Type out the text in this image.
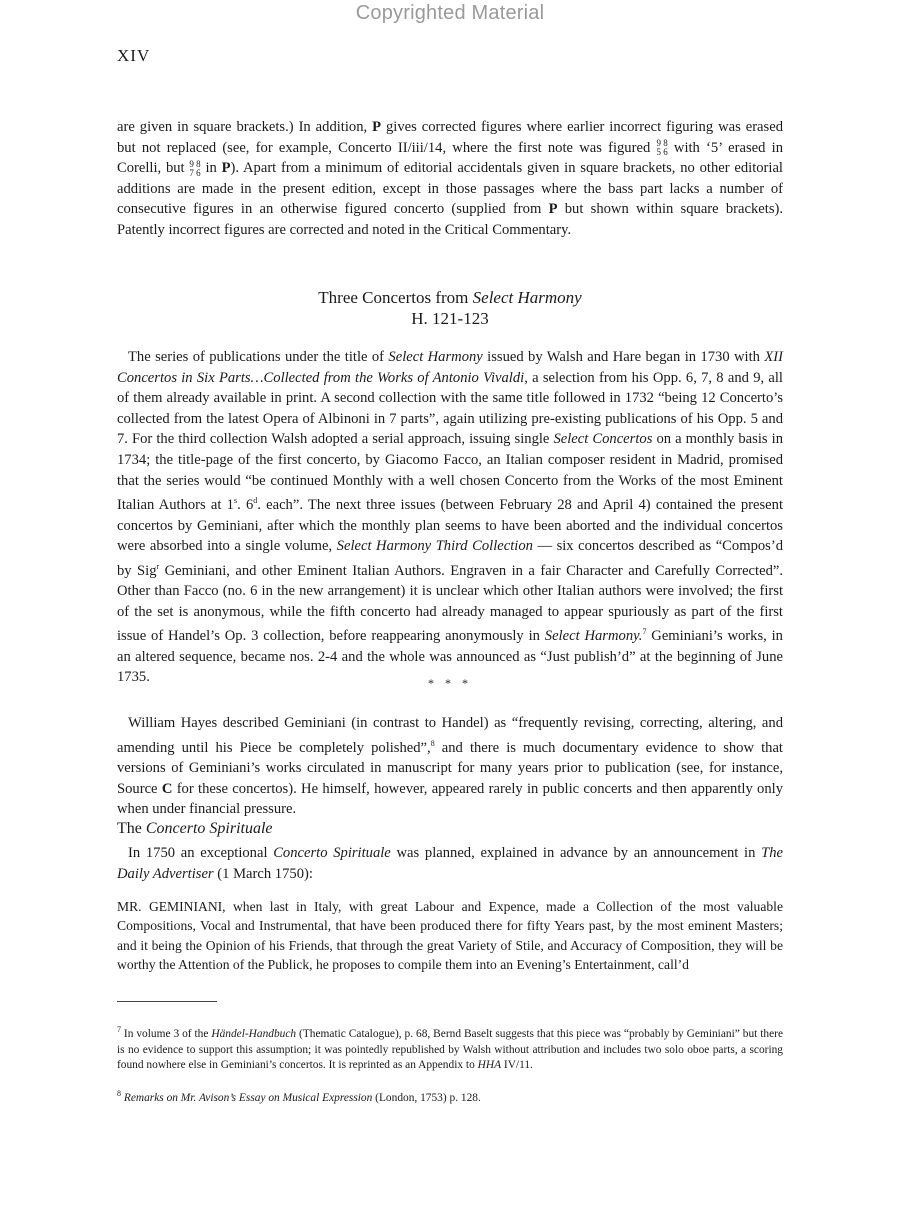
Copyrighted Material
XIV

are given in square brackets.) In addition, P gives corrected figures where earlier incorrect figuring was erased but not replaced (see, for example, Concerto II/iii/14, where the first note was figured 9 8
5 6 with ‘5’ erased in Corelli, but 9 8
7 6 in P). Apart from a minimum of editorial accidentals given in square brackets, no other editorial additions are made in the present edition, except in those passages where the bass part lacks a number of consecutive figures in an otherwise figured concerto (supplied from P but shown within square brackets). Patently incorrect figures are corrected and noted in the Critical Commentary.

Three Concertos from Select Harmony

H. 121-123

The series of publications under the title of Select Harmony issued by Walsh and Hare began in 1730 with XII Concertos in Six Parts…Collected from the Works of Antonio Vivaldi, a selection from his Opp. 6, 7, 8 and 9, all of them already available in print. A second collection with the same title followed in 1732 “being 12 Concerto’s collected from the latest Opera of Albinoni in 7 parts”, again utilizing pre-existing publications of his Opp. 5 and 7. For the third collection Walsh adopted a serial approach, issuing single Select Concertos on a monthly basis in 1734; the title-page of the first concerto, by Giacomo Facco, an Italian composer resident in Madrid, promised that the series would “be continued Monthly with a well chosen Concerto from the Works of the most Eminent Italian Authors at 1$^s$. 6$^d$. each”. The next three issues (between February 28 and April 4) contained the present concertos by Geminiani, after which the monthly plan seems to have been aborted and the individual concertos were absorbed into a single volume, Select Harmony Third Collection — six concertos described as “Compos’d by Sig$^r$ Geminiani, and other Eminent Italian Authors. Engraven in a fair Character and Carefully Corrected”. Other than Facco (no. 6 in the new arrangement) it is unclear which other Italian authors were involved; the first of the set is anonymous, while the fifth concerto had already managed to appear spuriously as part of the first issue of Handel’s Op. 3 collection, before reappearing anonymously in Select Harmony.$^7$ Geminiani’s works, in an altered sequence, became nos. 2-4 and the whole was announced as “Just publish’d” at the beginning of June 1735.	* * *

William Hayes described Geminiani (in contrast to Handel) as “frequently revising, correcting, altering, and amending until his Piece be completely polished”,$^8$ and there is much documentary evidence to show that versions of Geminiani’s works circulated in manuscript for many years prior to publication (see, for instance, Source C for these concertos). He himself, however, appeared rarely in public concerts and then apparently only when under financial pressure.

The Concerto Spirituale

In 1750 an exceptional Concerto Spirituale was planned, explained in advance by an announcement in The Daily Advertiser (1 March 1750):

MR. GEMINIANI, when last in Italy, with great Labour and Expence, made a Collection of the most valuable Compositions, Vocal and Instrumental, that have been produced there for fifty Years past, by the most eminent Masters; and it being the Opinion of his Friends, that through the great Variety of Stile, and Accuracy of Composition, they will be worthy the Attention of the Publick, he proposes to compile them into an Evening’s Entertainment, call’d

$^7$ In volume 3 of the Händel-Handbuch (Thematic Catalogue), p. 68, Bernd Baselt suggests that this piece was “probably by Geminiani” but there is no evidence to support this assumption; it was pointedly republished by Walsh without attribution and includes two solo oboe parts, a scoring found nowhere else in Geminiani’s concertos. It is reprinted as an Appendix to HHA IV/11.

$^8$ Remarks on Mr. Avison’s Essay on Musical Expression (London, 1753) p. 128.
